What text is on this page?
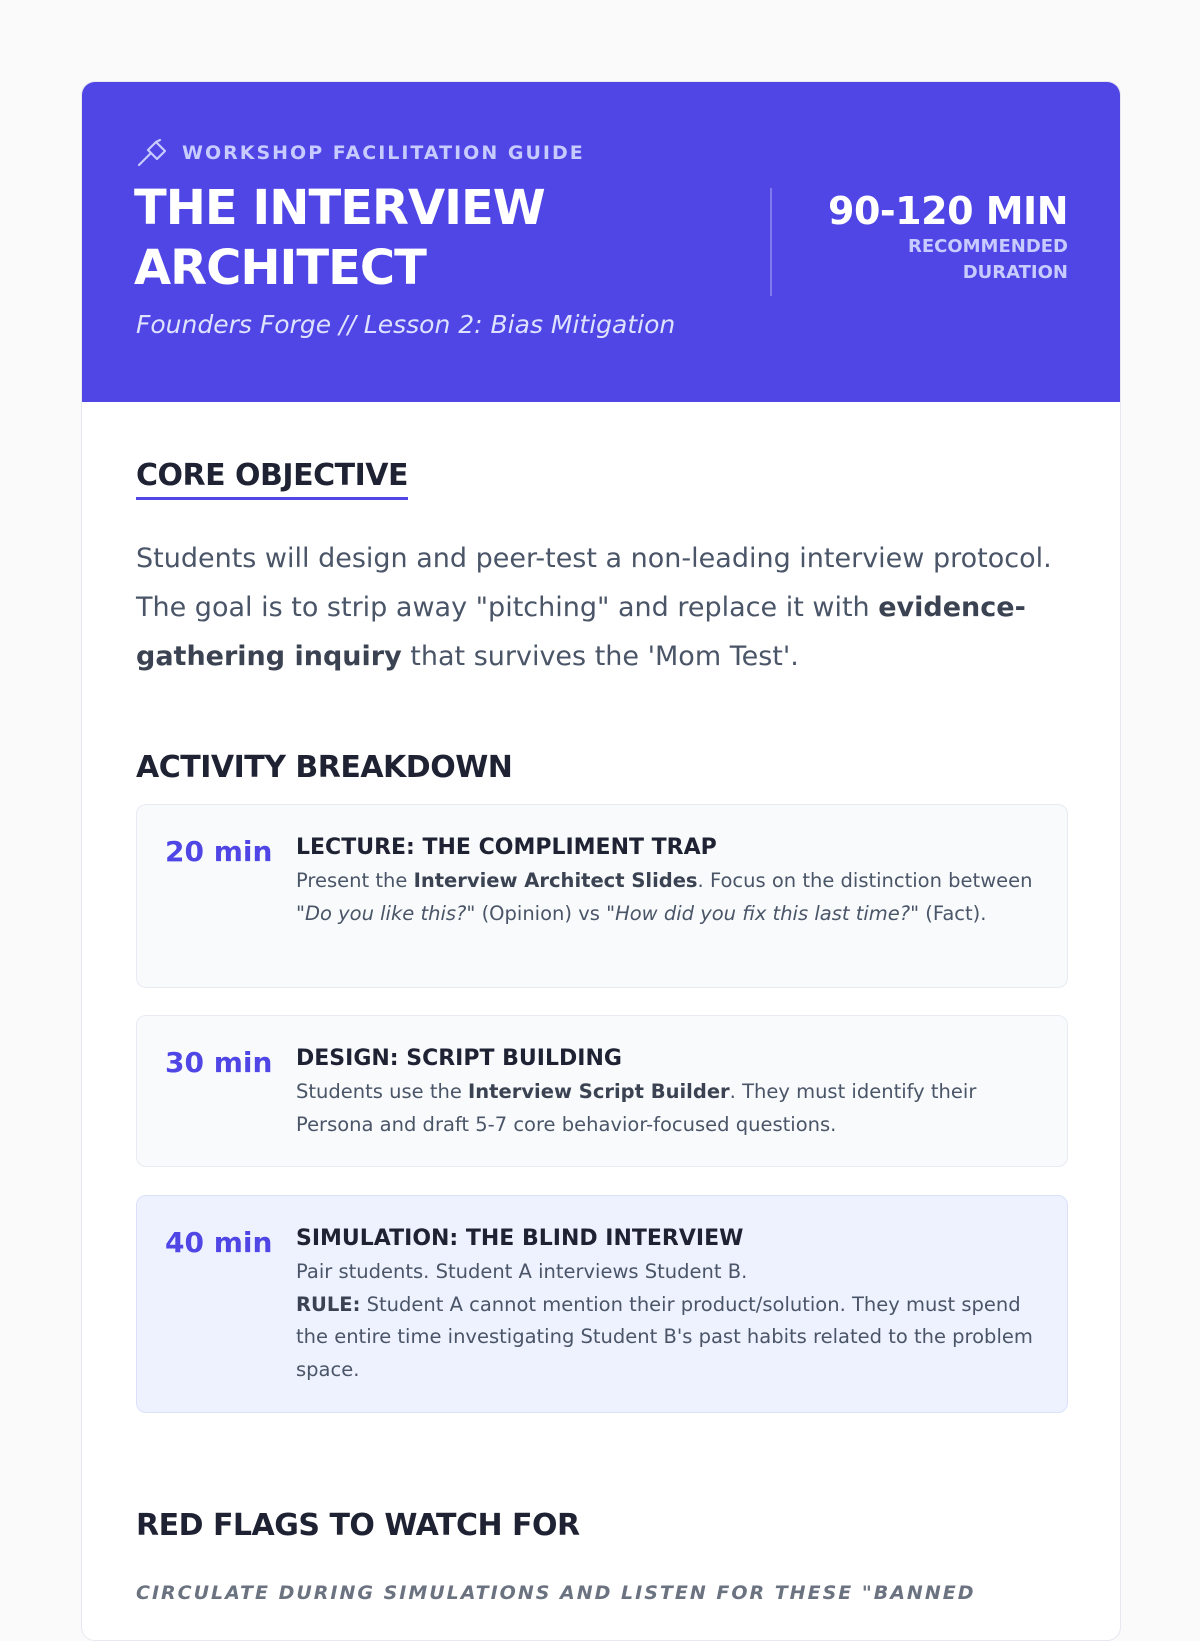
WORKSHOP FACILITATION GUIDE
THE INTERVIEW ARCHITECT
Founders Forge // Lesson 2: Bias Mitigation
90-120 MIN
RECOMMENDED DURATION
CORE OBJECTIVE

Students will design and peer-test a non-leading interview protocol. The goal is to strip away "pitching" and replace it with evidence-gathering inquiry that survives the 'Mom Test'.

ACTIVITY BREAKDOWN
20 min LECTURE: THE COMPLIMENT TRAP

Present the Interview Architect Slides. Focus on the distinction between "Do you like this?" (Opinion) vs "How did you fix this last time?" (Fact).

30 min DESIGN: SCRIPT BUILDING

Students use the Interview Script Builder. They must identify their Persona and draft 5-7 core behavior-focused questions.

40 min SIMULATION: THE BLIND INTERVIEW

Pair students. Student A interviews Student B.

RULE: Student A cannot mention their product/solution. They must spend the entire time investigating Student B's past habits related to the problem space.

RED FLAGS TO WATCH FOR
CIRCULATE DURING SIMULATIONS AND LISTEN FOR THESE "BANNED
